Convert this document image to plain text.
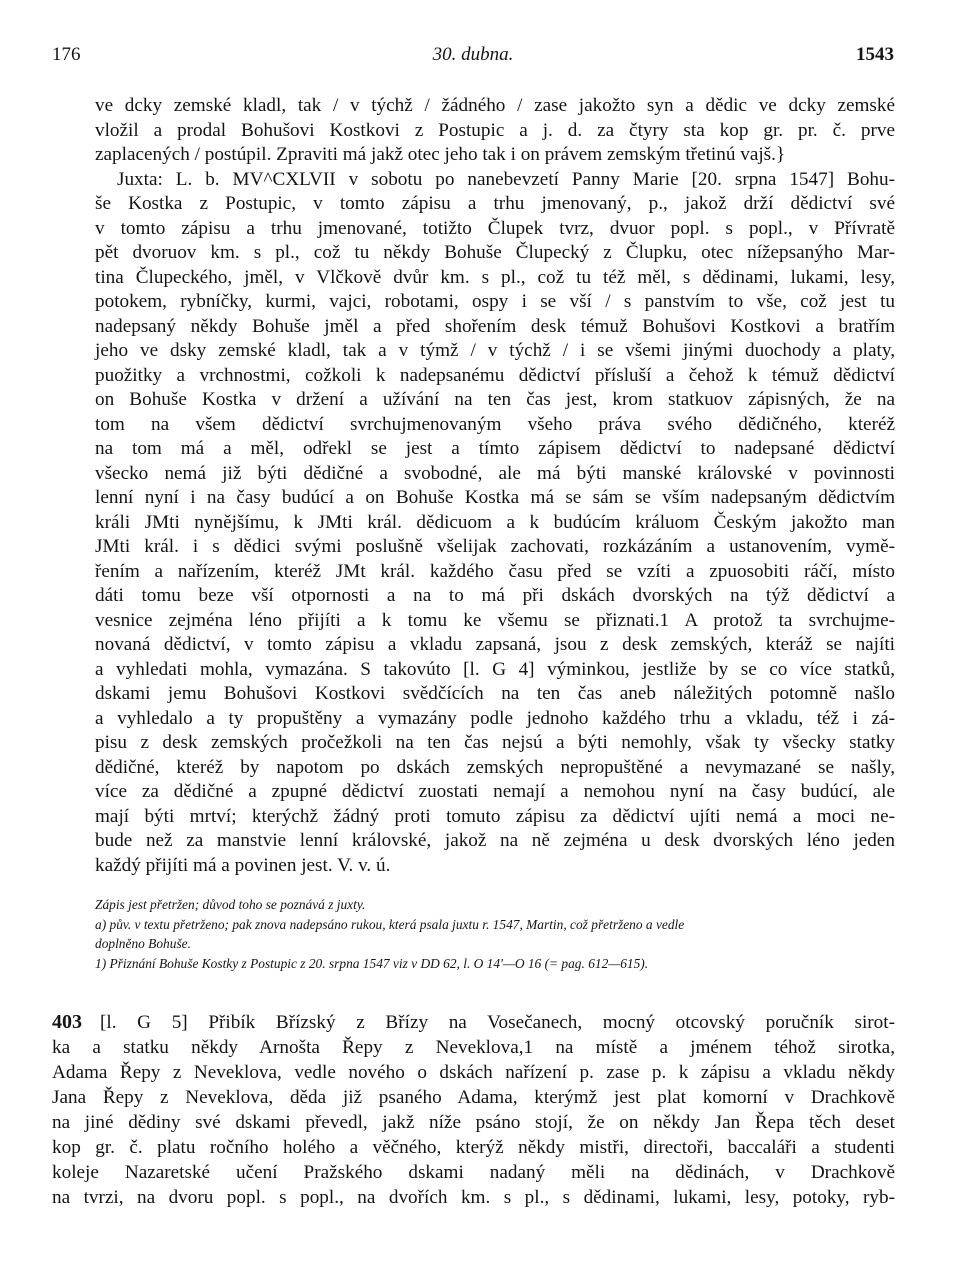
176	30. dubna.	1543
ve dcky zemské kladl, tak / v týchž / žádného / zase jakožto syn a dědic ve dcky zemské
vložil a prodal Bohušovi Kostkovi z Postupic a j. d. za čtyry sta kop gr. pr. č. prve
zaplacených / postúpil. Zpraviti má jakž otec jeho tak i on právem zemským třetinú vajš.}
Juxta: L. b. MV^CXLVII v sobotu po nanebevzetí Panny Marie [20. srpna 1547] Bohu-
še Kostka z Postupic, v tomto zápisu a trhu jmenovaný, p., jakož drží dědictví své
v tomto zápisu a trhu jmenované, totižto Člupek tvrz, dvuor popl. s popl., v Přívratě
pět dvoruov km. s pl., což tu někdy Bohuše Člupecký z Člupku, otec nížepsanýho Mar-
tina Člupeckého, jměl, v Vlčkově dvůr km. s pl., což tu též měl, s dědinami, lukami, lesy,
potokem, rybníčky, kurmi, vajci, robotami, ospy i se vší / s panstvím to vše, což jest tu
nadepsaný někdy Bohuše jměl a před shořením desk témuž Bohušovi Kostkovi a bratřím
jeho ve dsky zemské kladl, tak a v týmž / v týchž / i se všemi jinými duochody a platy,
puožitky a vrchnostmi, cožkoli k nadepsanému dědictví přísluší a čehož k témuž dědictví
on Bohuše Kostka v držení a užívání na ten čas jest, krom statkuov zápisných, že na
tom na všem dědictví svrchujmenovaným všeho práva svého dědičného, kteréž
na tom má a měl, odřekl se jest a tímto zápisem dědictví to nadepsané dědictví
všecko nemá již býti dědičné a svobodné, ale má býti manské královské v povinnosti
lenní nyní i na časy budúcí a on Bohuše Kostka má se sám se vším nadepsaným dědictvím
králi JMti nynějšímu, k JMti král. dědicuom a k budúcím králuom Českým jakožto man
JMti král. i s dědici svými poslušně všelijak zachovati, rozkázáním a ustanovením, vymě-
řením a nařízením, kteréž JMt král. každého času před se vzíti a zpuosobiti ráčí, místo
dáti tomu beze vší otpornosti a na to má při dskách dvorských na týž dědictví a
vesnice zejména léno přijíti a k tomu ke všemu se přiznati.1 A protož ta svrchujme-
novaná dědictví, v tomto zápisu a vkladu zapsaná, jsou z desk zemských, kteráž se najíti
a vyhledati mohla, vymazána. S takovúto [l. G 4] výminkou, jestliže by se co více statků,
dskami jemu Bohušovi Kostkovi svědčících na ten čas aneb náležitých potomně našlo
a vyhledalo a ty propuštěny a vymazány podle jednoho každého trhu a vkladu, též i zá-
pisu z desk zemských pročežkoli na ten čas nejsú a býti nemohly, však ty všecky statky
dědičné, kteréž by napotom po dskách zemských nepropuštěné a nevymazané se našly,
více za dědičné a zpupné dědictví zuostati nemají a nemohou nyní na časy budúcí, ale
mají býti mrtví; kterýchž žádný proti tomuto zápisu za dědictví ujíti nemá a moci ne-
bude než za manstvie lenní královské, jakož na ně zejména u desk dvorských léno jeden
každý přijíti má a povinen jest. V. v. ú.
Zápis jest přetržen; důvod toho se poznává z juxty.
a) pův. v textu přetrženo; pak znova nadepsáno rukou, která psala juxtu r. 1547, Martin, což přetrženo a vedle
doplněno Bohuše.
1) Přiznání Bohuše Kostky z Postupic z 20. srpna 1547 viz v DD 62, l. O 14'—O 16 (= pag. 612—615).
403 [l. G 5] Přibík Břízský z Břízy na Vosečanech, mocný otcovský poručník sirot-
ka a statku někdy Arnošta Řepy z Neveklova,1 na místě a jménem téhož sirotka,
Adama Řepy z Neveklova, vedle nového o dskách nařízení p. zase p. k zápisu a vkladu někdy
Jana Řepy z Neveklova, děda již psaného Adama, kterýmž jest plat komorní v Drachkově
na jiné dědiny své dskami převedl, jakž níže psáno stojí, že on někdy Jan Řepa těch deset
kop gr. č. platu ročního holého a věčného, kterýž někdy mistři, directoři, baccaláři a studenti
koleje Nazaretské učení Pražského dskami nadaný měli na dědinách, v Drachkově
na tvrzi, na dvoru popl. s popl., na dvořích km. s pl., s dědinami, lukami, lesy, potoky, ryb-
